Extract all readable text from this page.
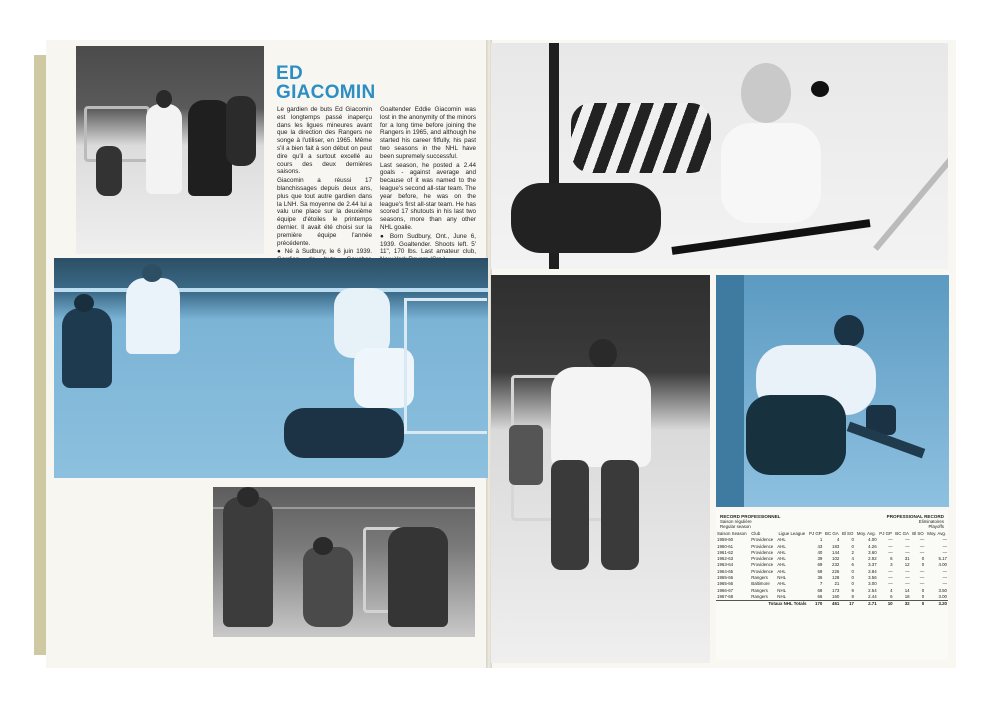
ED
GIACOMIN

Le gardien de buts Ed Giacomin est longtemps passé inaperçu dans les ligues mineures avant que la direction des Rangers ne songe à l'utiliser, en 1965. Même s'il a bien fait à son début on peut dire qu'il a surtout excellé au cours des deux dernières saisons.

Giacomin a réussi 17 blanchissages depuis deux ans, plus que tout autre gardien dans la LNH. Sa moyenne de 2.44 lui a valu une place sur la deuxième équipe d'étoiles le printemps dernier. Il avait été choisi sur la première équipe l'année précédente.

● Né à Sudbury, le 6 juin 1939.

Goaltender Eddie Giacomin was lost in the anonymity of the minors for a long time before joining the Rangers in 1965, and although he started his career fitfully, his past two seasons in the NHL have been supremely successful.

Last season, he posted a 2.44 goals - against average and because of it was named to the league's second all-star team. The year before, he was on the league's first all-star team. He has scored 17 shutouts in his last two seasons, more than any other NHL goalie.

● Born Sudbury, Ont., June 6, 1939. Goaltender. Shoots left. 5' 11", 170 lbs. Last amateur club,

RECORD PROFESSIONNEL
Saison régulière
Regular season
PROFESSIONAL RECORD
Eliminatoires
Playoffs
Saison Season	Club	Ligue League	PJ GP	BC GA	Bl SO	Moy. Avg.	PJ GP	BC GA	Bl SO	Moy. Avg.
1959-60	Providence	AHL	1	4	0	4.00	—	—	—	—
1960-61	Providence	AHL	43	183	0	4.26	—	—	—	—
1961-62	Providence	AHL	40	144	2	3.60	—	—	—	—
1962-63	Providence	AHL	39	102	4	2.92	6	31	0	5.17
1963-64	Providence	AHL	69	232	6	3.37	3	12	0	4.00
1964-65	Providence	AHL	59	226	0	3.84	—	—	—	—
1965-66	Rangers	NHL	36	128	0	3.56	—	—	—	—
1965-66	Baltimore	AHL	7	21	0	3.00	—	—	—	—
1966-67	Rangers	NHL	68	173	9	2.54	4	14	0	3.50
1967-68	Rangers	NHL	66	160	8	2.44	6	18	0	3.00
Totaux NHL Totals			170	461	17	2.71	10	32	0	3.20
